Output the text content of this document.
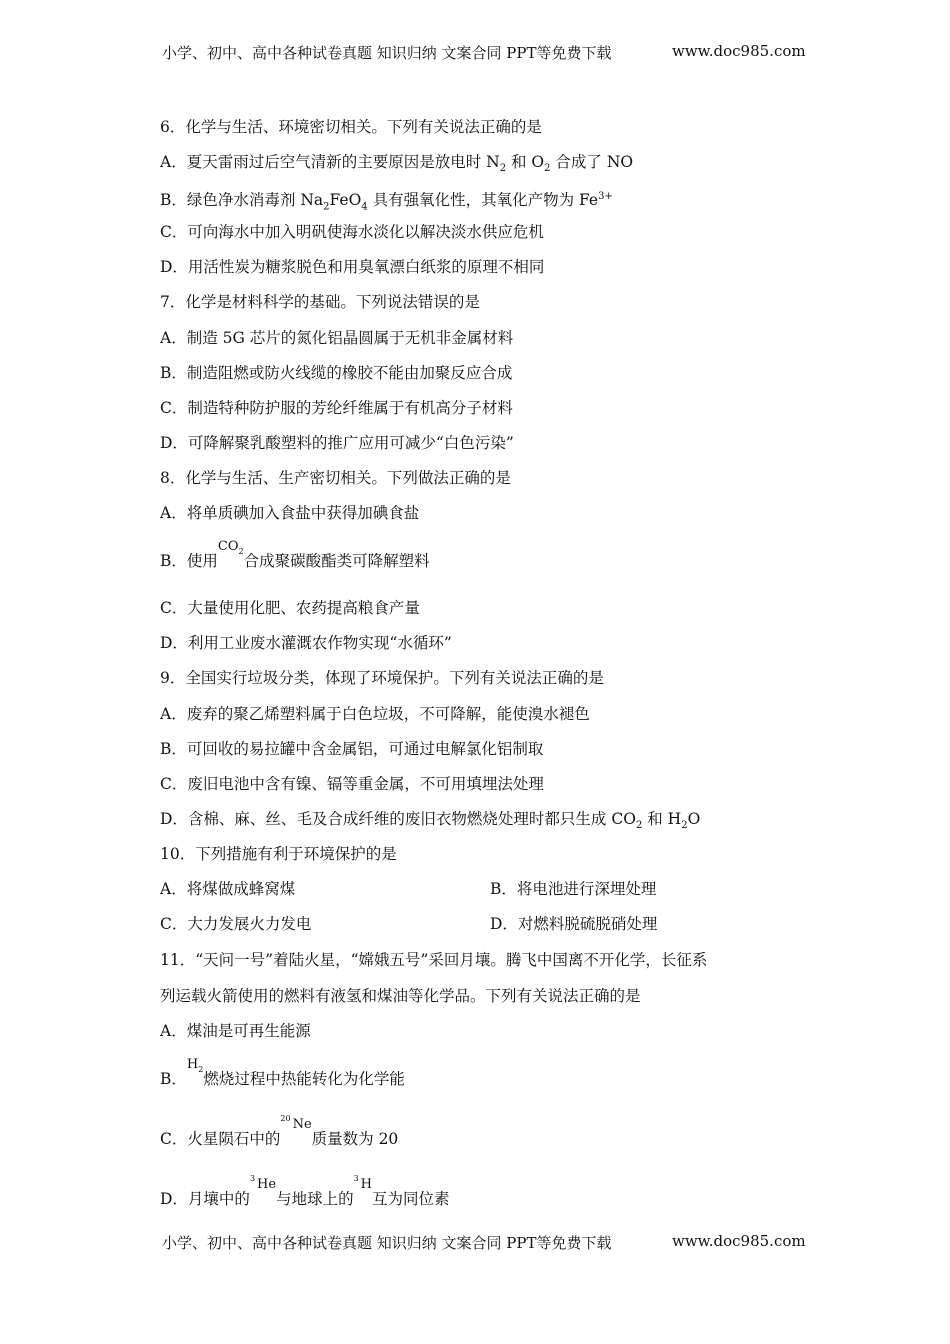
小学、初中、高中各种试卷真题 知识归纳 文案合同 PPT等免费下载	www.doc985.com
6．化学与生活、环境密切相关。下列有关说法正确的是
A．夏天雷雨过后空气清新的主要原因是放电时 $N_2$ 和 $O_2$ 合成了 NO
B．绿色净水消毒剂 $Na_2FeO_4$ 具有强氧化性，其氧化产物为 $Fe^{3+}$
C．可向海水中加入明矾使海水淡化以解决淡水供应危机
D．用活性炭为糖浆脱色和用臭氧漂白纸浆的原理不相同
7．化学是材料科学的基础。下列说法错误的是
A．制造 5G 芯片的氮化铝晶圆属于无机非金属材料
B．制造阻燃或防火线缆的橡胶不能由加聚反应合成
C．制造特种防护服的芳纶纤维属于有机高分子材料
D．可降解聚乳酸塑料的推广应用可减少“白色污染”
8．化学与生活、生产密切相关。下列做法正确的是
A．将单质碘加入食盐中获得加碘食盐
B．使用$CO_2$合成聚碳酸酯类可降解塑料
C．大量使用化肥、农药提高粮食产量
D．利用工业废水灌溉农作物实现“水循环”
9．全国实行垃圾分类，体现了环境保护。下列有关说法正确的是
A．废弃的聚乙烯塑料属于白色垃圾，不可降解，能使溴水褪色
B．可回收的易拉罐中含金属铝，可通过电解氯化铝制取
C．废旧电池中含有镍、镉等重金属，不可用填埋法处理
D．含棉、麻、丝、毛及合成纤维的废旧衣物燃烧处理时都只生成 $CO_2$ 和 $H_2O$
10．下列措施有利于环境保护的是
A．将煤做成蜂窝煤	B．将电池进行深埋处理
C．大力发展火力发电	D．对燃料脱硫脱硝处理
11．“天问一号”着陆火星，“嫦娥五号”采回月壤。腾飞中国离不开化学，长征系
列运载火箭使用的燃料有液氢和煤油等化学品。下列有关说法正确的是
A．煤油是可再生能源
B．$H_2$燃烧过程中热能转化为化学能
C．火星陨石中的$^{20}$ Ne质量数为 20
D．月壤中的$^3$ He与地球上的$^3$ H互为同位素
小学、初中、高中各种试卷真题 知识归纳 文案合同 PPT等免费下载	www.doc985.com
